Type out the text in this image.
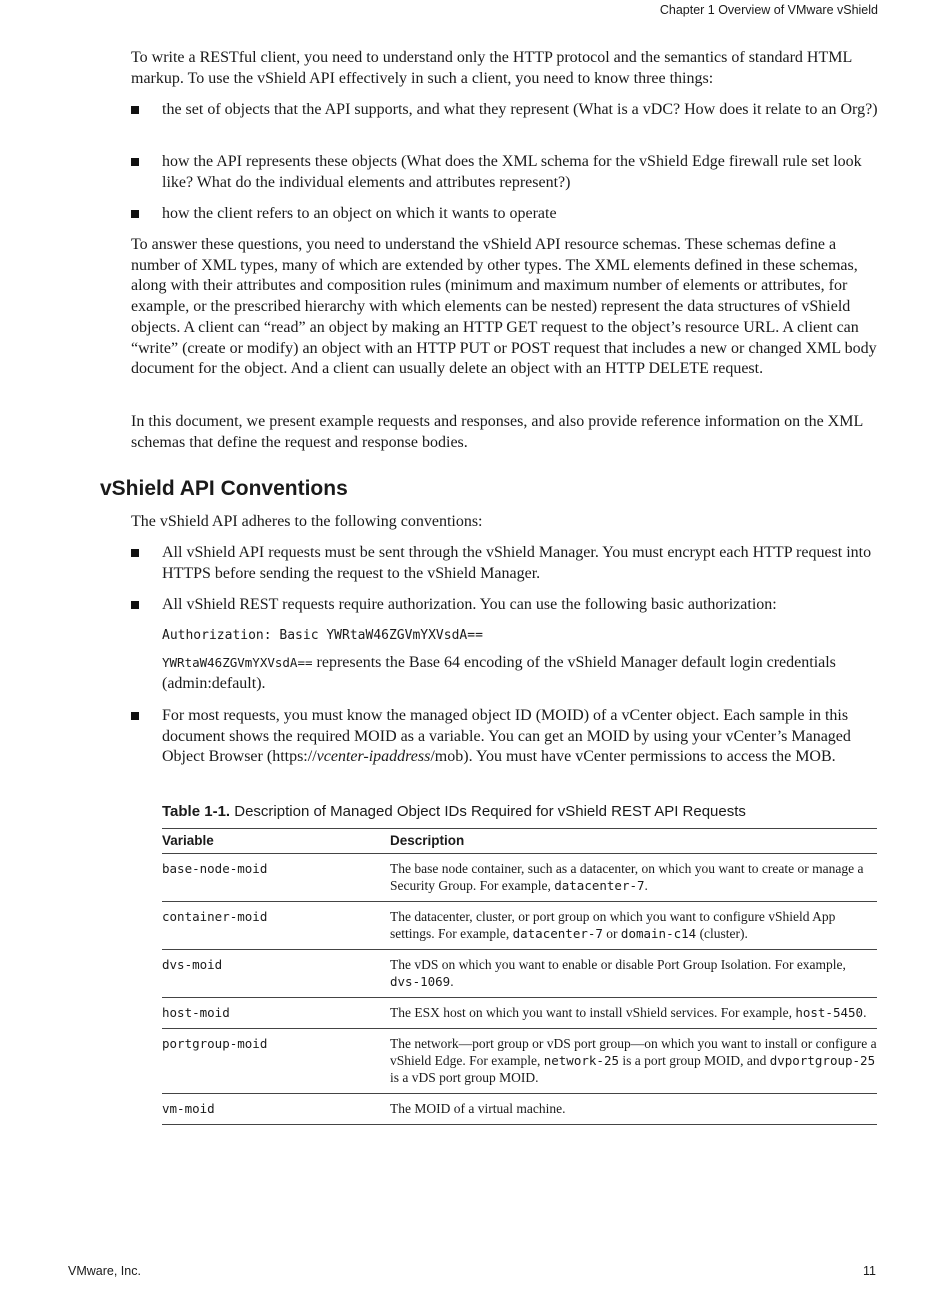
Chapter 1 Overview of VMware vShield

To write a RESTful client, you need to understand only the HTTP protocol and the semantics of standard HTML markup. To use the vShield API effectively in such a client, you need to know three things:

the set of objects that the API supports, and what they represent (What is a vDC? How does it relate to an Org?)
how the API represents these objects (What does the XML schema for the vShield Edge firewall rule set look like? What do the individual elements and attributes represent?)
how the client refers to an object on which it wants to operate

To answer these questions, you need to understand the vShield API resource schemas. These schemas define a number of XML types, many of which are extended by other types. The XML elements defined in these schemas, along with their attributes and composition rules (minimum and maximum number of elements or attributes, for example, or the prescribed hierarchy with which elements can be nested) represent the data structures of vShield objects. A client can “read” an object by making an HTTP GET request to the object’s resource URL. A client can “write” (create or modify) an object with an HTTP PUT or POST request that includes a new or changed XML body document for the object. And a client can usually delete an object with an HTTP DELETE request.

In this document, we present example requests and responses, and also provide reference information on the XML schemas that define the request and response bodies.

vShield API Conventions

The vShield API adheres to the following conventions:

All vShield API requests must be sent through the vShield Manager. You must encrypt each HTTP request into HTTPS before sending the request to the vShield Manager.
All vShield REST requests require authorization. You can use the following basic authorization:
Authorization: Basic YWRtaW46ZGVmYXVsdA==
YWRtaW46ZGVmYXVsdA== represents the Base 64 encoding of the vShield Manager default login credentials (admin:default).
For most requests, you must know the managed object ID (MOID) of a vCenter object. Each sample in this document shows the required MOID as a variable. You can get an MOID by using your vCenter’s Managed Object Browser (https://vcenter-ipaddress/mob). You must have vCenter permissions to access the MOB.
Table 1-1. Description of Managed Object IDs Required for vShield REST API Requests
Variable	Description
base-node-moid	The base node container, such as a datacenter, on which you want to create or manage a Security Group. For example, datacenter-7.
container-moid	The datacenter, cluster, or port group on which you want to configure vShield App settings. For example, datacenter-7 or domain-c14 (cluster).
dvs-moid	The vDS on which you want to enable or disable Port Group Isolation. For example, dvs-1069.
host-moid	The ESX host on which you want to install vShield services. For example, host-5450.
portgroup-moid	The network—port group or vDS port group—on which you want to install or configure a vShield Edge. For example, network-25 is a port group MOID, and dvportgroup-25 is a vDS port group MOID.
vm-moid	The MOID of a virtual machine.
VMware, Inc.	11
